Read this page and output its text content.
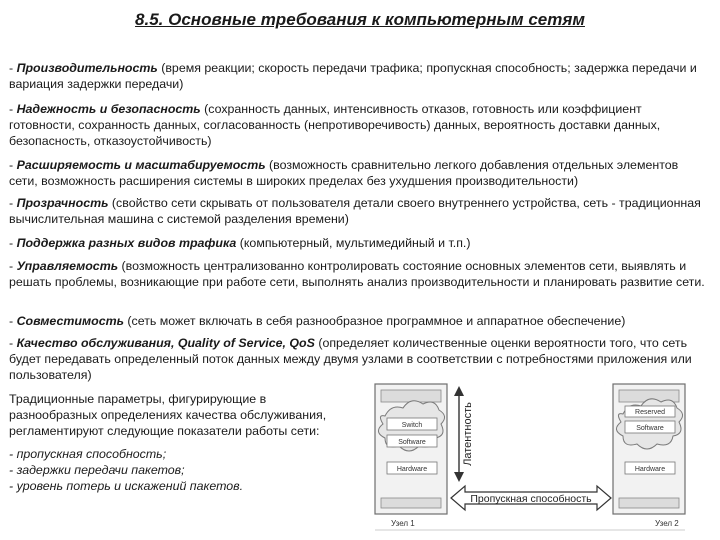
8.5. Основные требования к компьютерным сетям
- Производительность (время реакции; скорость передачи трафика; пропускная способность; задержка передачи и вариация задержки передачи)
- Надежность и безопасность (сохранность данных, интенсивность отказов, готовность или коэффициент готовности, сохранность данных, согласованность (непротиворечивость) данных, вероятность доставки данных, безопасность, отказоустойчивость)
- Расширяемость и масштабируемость (возможность сравнительно легкого добавления отдельных элементов сети, возможность расширения системы в широких пределах без ухудшения производительности)
- Прозрачность (свойство сети скрывать от пользователя детали своего внутреннего устройства, сеть - традиционная вычислительная машина с системой разделения времени)
- Поддержка разных видов трафика (компьютерный, мультимедийный и т.п.)
- Управляемость (возможность централизованно контролировать состояние основных элементов сети, выявлять и решать проблемы, возникающие при работе сети, выполнять анализ производительности и планировать развитие сети.
- Совместимость (сеть может включать в себя разнообразное программное и аппаратное обеспечение)
- Качество обслуживания, Quality of Service, QoS (определяет количественные оценки вероятности того, что сеть будет передавать определенный поток данных между двумя узлами в соответствии с потребностями приложения или пользователя)
Традиционные параметры, фигурирующие в разнообразных определениях качества обслуживания, регламентируют следующие показатели работы сети:
- пропускная способность;
- задержки передачи пакетов;
- уровень потерь и искажений пакетов.
Switch
Software
Hardware
Reserved
Software
Hardware
Латентность
Пропускная способность
Узел 1	Узел 2
